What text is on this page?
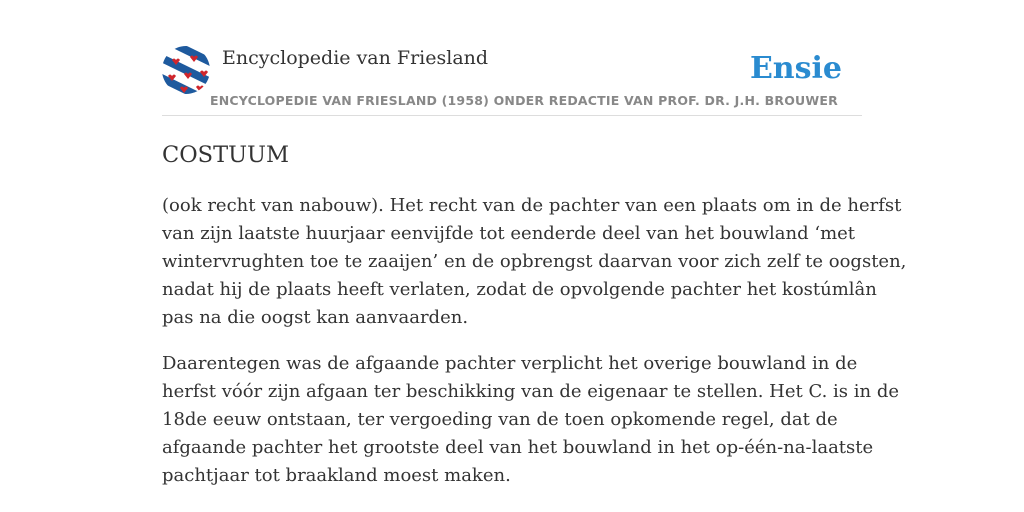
Encyclopedie van Friesland
ENCYCLOPEDIE VAN FRIESLAND (1958) ONDER REDACTIE VAN PROF. DR. J.H. BROUWER
Ensie
COSTUUM

(ook recht van nabouw). Het recht van de pachter van een plaats om in de herfst
van zijn laatste huurjaar eenvijfde tot eenderde deel van het bouwland ‘met
wintervrughten toe te zaaijen’ en de opbrengst daarvan voor zich zelf te oogsten,
nadat hij de plaats heeft verlaten, zodat de opvolgende pachter het kostúmlân
pas na die oogst kan aanvaarden.

Daarentegen was de afgaande pachter verplicht het overige bouwland in de
herfst vóór zijn afgaan ter beschikking van de eigenaar te stellen. Het C. is in de
18de eeuw ontstaan, ter vergoeding van de toen opkomende regel, dat de
afgaande pachter het grootste deel van het bouwland in het op-één-na-laatste
pachtjaar tot braakland moest maken.
